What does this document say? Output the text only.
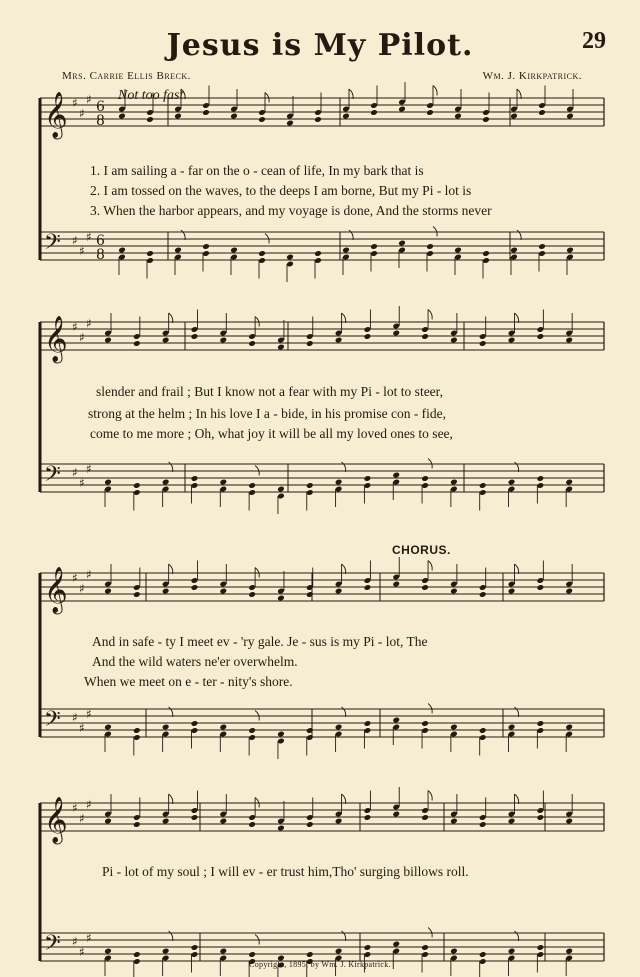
Jesus is My Pilot.	29
Mrs. Carrie Ellis Breck.	Wm. J. Kirkpatrick.
Not too fast.
CHORUS.
𝄞 ♯
♯
♯ 6
8
𝄢 ♯
♯
♯ 6
8
𝄞 ♯
♯
♯
𝄢 ♯
♯
♯
𝄞 ♯
♯
♯
𝄢 ♯
♯
♯
𝄞 ♯
♯
♯
𝄢 ♯
♯
♯
1. I am sailing a - far on the o - cean of life, In my bark that is
2. I am tossed on the waves, to the deeps I am borne, But my Pi - lot is
3. When the harbor appears, and my voyage is done, And the storms never
slender and frail ; But I know not a fear with my Pi - lot to steer,
strong at the helm ; In his love I a - bide, in his promise con - fide,
come to me more ; Oh, what joy it will be all my loved ones to see,
And in safe - ty I meet ev - 'ry gale. Je - sus is my Pi - lot, The
And the wild waters ne'er overwhelm.
When we meet on e - ter - nity's shore.
Pi - lot of my soul ; I will ev - er trust him,Tho' surging billows roll.
Copyright, 1895, by Wm. J. Kirkpatrick.
